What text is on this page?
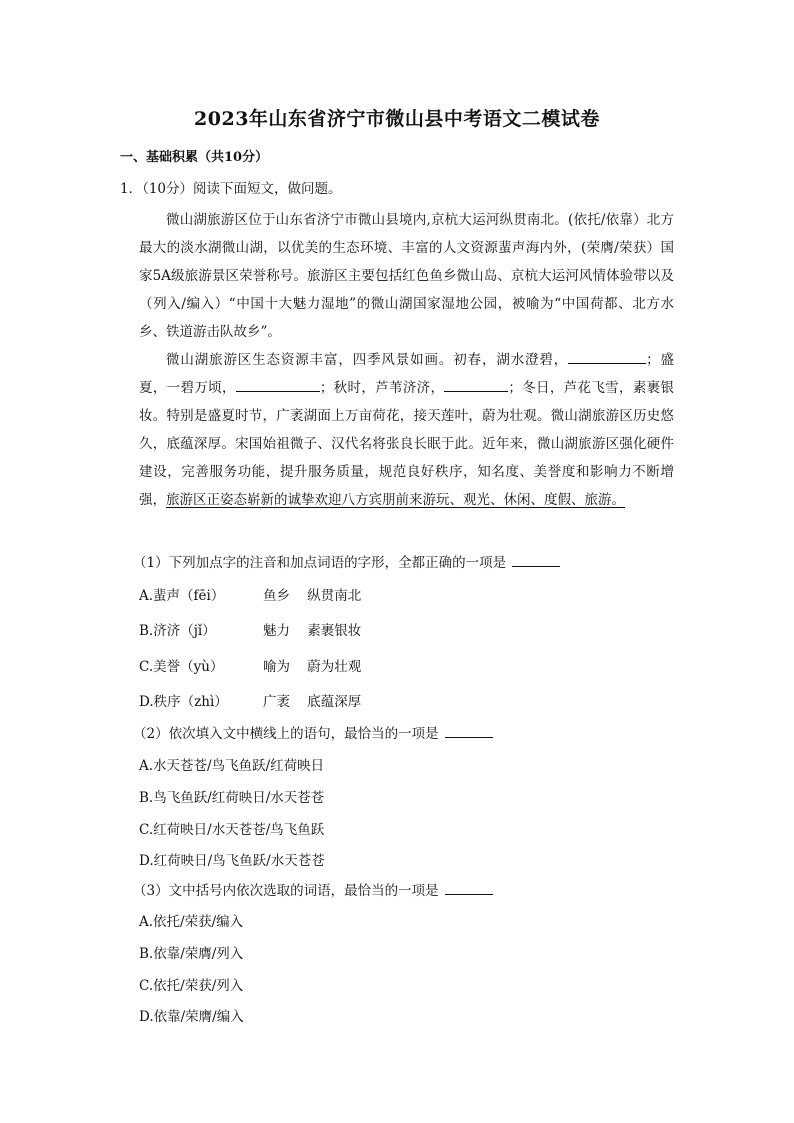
2023年山东省济宁市微山县中考语文二模试卷
一、基础积累（共10分）
1．（10分）阅读下面短文，做问题。

微山湖旅游区位于山东省济宁市微山县境内,京杭大运河纵贯南北。(依托/依靠）北方最大的淡水湖微山湖，以优美的生态环境、丰富的人文资源蜚声海内外，(荣膺/荣获）国家5A级旅游景区荣誉称号。旅游区主要包括红色鱼乡微山岛、京杭大运河风情体验带以及（列入/编入）“中国十大魅力湿地”的微山湖国家湿地公园，被喻为“中国荷都、北方水乡、铁道游击队故乡”。

微山湖旅游区生态资源丰富，四季风景如画。初春，湖水澄碧，	；盛夏，一碧万顷，	；秋时，芦苇济济，	；冬日，芦花飞雪，素裹银妆。特别是盛夏时节，广袤湖面上万亩荷花，接天莲叶，蔚为壮观。微山湖旅游区历史悠久，底蕴深厚。宋国始祖微子、汉代名将张良长眠于此。近年来，微山湖旅游区强化硬件建设，完善服务功能，提升服务质量，规范良好秩序，知名度、美誉度和影响力不断增强，旅游区正姿态崭新的诚挚欢迎八方宾朋前来游玩、观光、休闲、度假、旅游。

（1）下列加点字的注音和加点词语的字形，全都正确的一项是
A.蜚声（fēi）	鱼乡 纵贯南北
B.济济（jǐ）	魅力 素裹银妆
C.美誉（yù）	喻为 蔚为壮观
D.秩序（zhì）	广袤 底蕴深厚
（2）依次填入文中横线上的语句，最恰当的一项是
A.水天苍苍/鸟飞鱼跃/红荷映日
B.鸟飞鱼跃/红荷映日/水天苍苍
C.红荷映日/水天苍苍/鸟飞鱼跃
D.红荷映日/鸟飞鱼跃/水天苍苍
（3）文中括号内依次选取的词语，最恰当的一项是
A.依托/荣获/编入
B.依靠/荣膺/列入
C.依托/荣获/列入
D.依靠/荣膺/编入
